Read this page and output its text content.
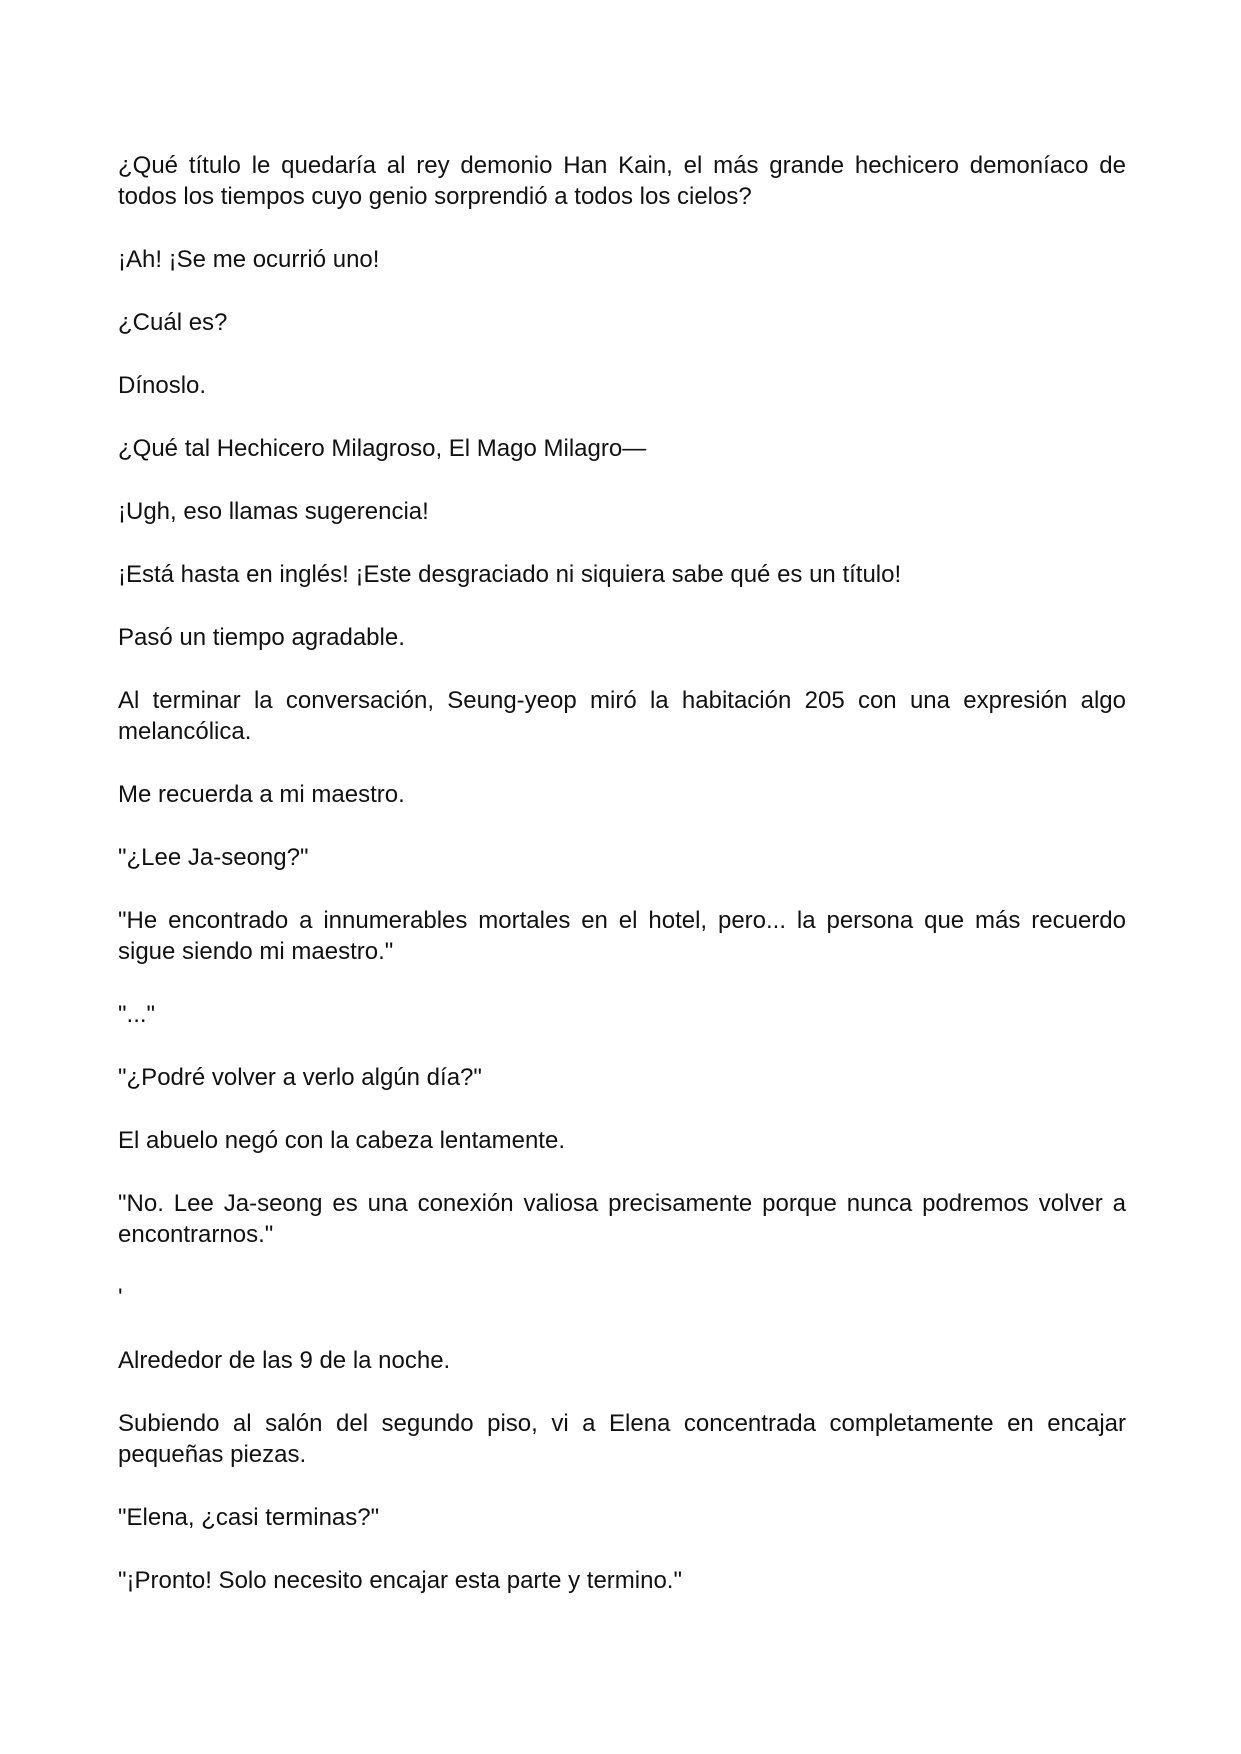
¿Qué título le quedaría al rey demonio Han Kain, el más grande hechicero demoníaco de todos los tiempos cuyo genio sorprendió a todos los cielos?

¡Ah! ¡Se me ocurrió uno!

¿Cuál es?

Dínoslo.

¿Qué tal Hechicero Milagroso, El Mago Milagro—

¡Ugh, eso llamas sugerencia!

¡Está hasta en inglés! ¡Este desgraciado ni siquiera sabe qué es un título!

Pasó un tiempo agradable.

Al terminar la conversación, Seung-yeop miró la habitación 205 con una expresión algo melancólica.

Me recuerda a mi maestro.

"¿Lee Ja-seong?"

"He encontrado a innumerables mortales en el hotel, pero... la persona que más recuerdo sigue siendo mi maestro."

"..."

"¿Podré volver a verlo algún día?"

El abuelo negó con la cabeza lentamente.

"No. Lee Ja-seong es una conexión valiosa precisamente porque nunca podremos volver a encontrarnos."

'

Alrededor de las 9 de la noche.

Subiendo al salón del segundo piso, vi a Elena concentrada completamente en encajar pequeñas piezas.

"Elena, ¿casi terminas?"

"¡Pronto! Solo necesito encajar esta parte y termino."
